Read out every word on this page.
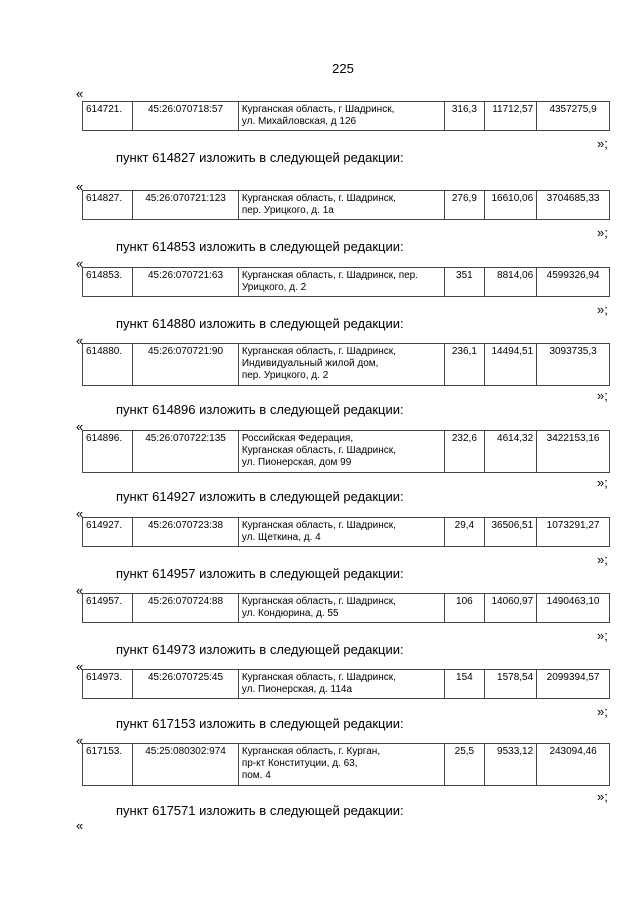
225
«
614721.	45:26:070718:57	Курганская область, г Шадринск,
ул. Михайловская, д 126
	316,3	11712,57	4357275,9
»;
пункт 614827 изложить в следующей редакции:
«
614827.	45:26:070721:123	Курганская область, г. Шадринск,
пер. Урицкого, д. 1а
	276,9	16610,06	3704685,33
»;
пункт 614853 изложить в следующей редакции:
«
614853.	45:26:070721:63	Курганская область, г. Шадринск, пер.
Урицкого, д. 2
	351	8814,06	4599326,94
»;
пункт 614880 изложить в следующей редакции:
«
614880.	45:26:070721:90	Курганская область, г. Шадринск,
Индивидуальный жилой дом,
пер. Урицкого, д. 2
	236,1	14494,51	3093735,3
»;
пункт 614896 изложить в следующей редакции:
«
614896.	45:26:070722:135	Российская Федерация,
Курганская область, г. Шадринск,
ул. Пионерская, дом 99
	232,6	4614,32	3422153,16
»;
пункт 614927 изложить в следующей редакции:
«
614927.	45:26:070723:38	Курганская область, г. Шадринск,
ул. Щеткина, д. 4
	29,4	36506,51	1073291,27
»;
пункт 614957 изложить в следующей редакции:
«
614957.	45:26:070724:88	Курганская область, г. Шадринск,
ул. Кондюрина, д. 55
	106	14060,97	1490463,10
»;
пункт 614973 изложить в следующей редакции:
«
614973.	45:26:070725:45	Курганская область, г. Шадринск,
ул. Пионерская, д. 114а
	154	1578,54	2099394,57
»;
пункт 617153 изложить в следующей редакции:
«
617153.	45:25:080302:974	Курганская область, г. Курган,
пр-кт Конституции, д. 63,
пом. 4
	25,5	9533,12	243094,46
»;
пункт 617571 изложить в следующей редакции:
«
